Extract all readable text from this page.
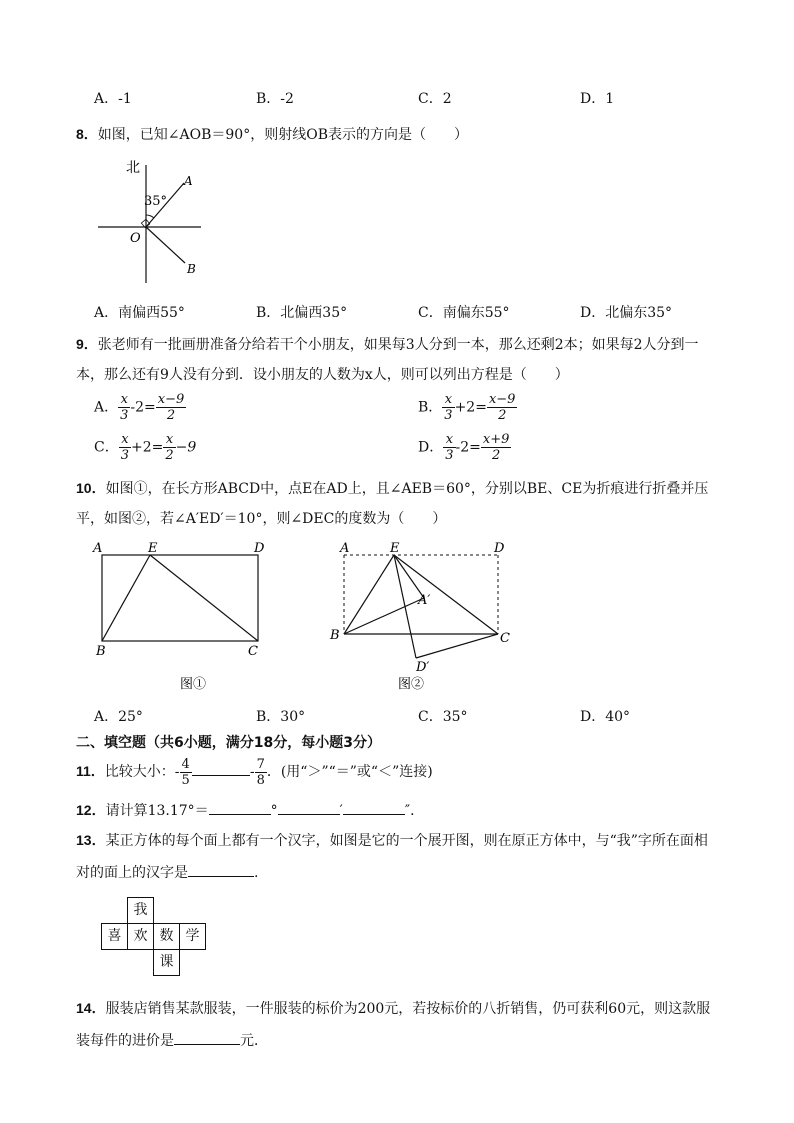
A．-1	B．-2	C．2	D．1
8．如图，已知∠AOB＝90°，则射线OB表示的方向是（　　）
北
35°
A
O
B
A．南偏西55°	B．北偏西35°	C．南偏东55°	D．北偏东35°
9．张老师有一批画册准备分给若干个小朋友，如果每3人分到一本，那么还剩2本；如果每2人分到一
本，那么还有9人没有分到．设小朋友的人数为x人，则可以列出方程是（　　）
A． $\frac{x}{3} -2= \frac{x-9}{2}$	B． $\frac{x}{3} +2= \frac{x-9}{2}$
C． $\frac{x}{3} +2= \frac{x}{2} -9$	D． $\frac{x}{3} -2= \frac{x+9}{2}$
10．如图①，在长方形ABCD中，点E在AD上，且∠AEB＝60°，分别以BE、CE为折痕进行折叠并压
平，如图②，若∠A′ED′＝10°，则∠DEC的度数为（　　）
A	E	D
B	C
图①
A	E	D
B	C
A′
D′
图②
A．25°	B．30°	C．35°	D．40°
二、填空题（共6小题，满分18分，每小题3分）
11．比较大小：- $\frac{4}{5}$	- $\frac{7}{8}$ ．(用“＞”“＝”或“＜”连接)
12．请计算13.17°＝	°	′	″．
13．某正方体的每个面上都有一个汉字，如图是它的一个展开图，则在原正方体中，与“我”字所在面相
对的面上的汉字是	.
我
喜 欢 数 学
课
14．服装店销售某款服装，一件服装的标价为200元，若按标价的八折销售，仍可获利60元，则这款服
装每件的进价是	元．
